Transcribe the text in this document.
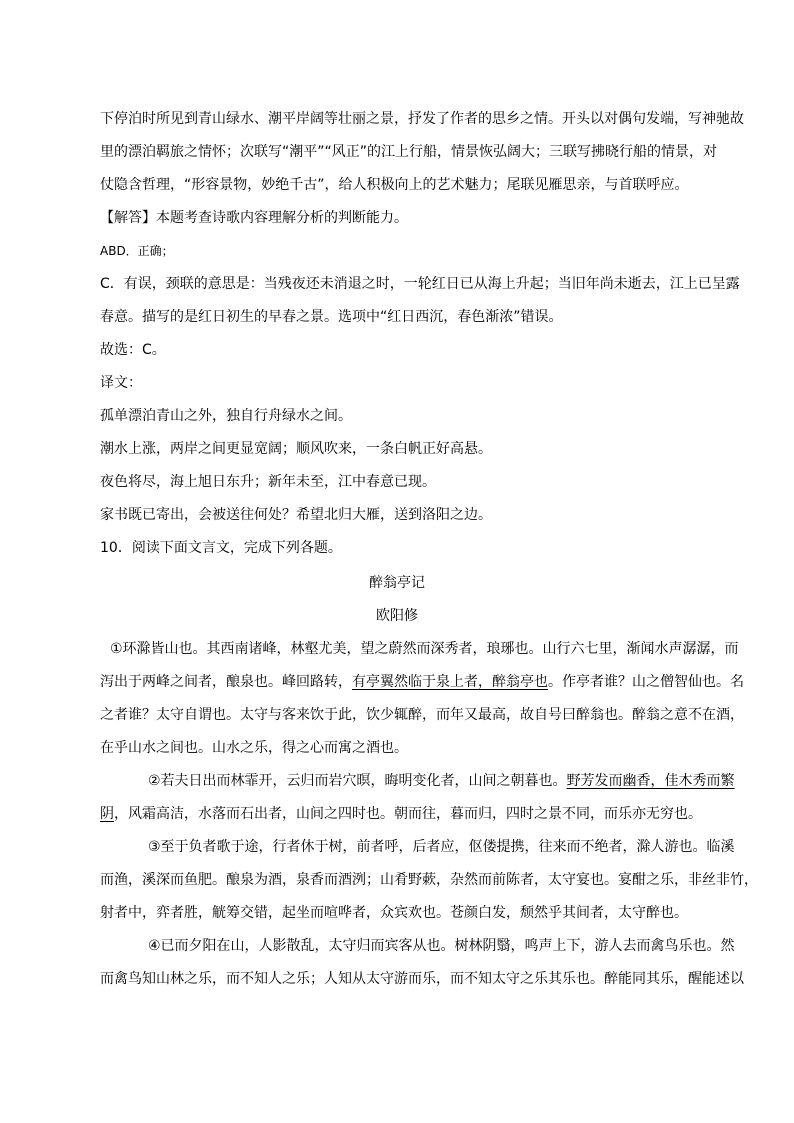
下停泊时所见到青山绿水、潮平岸阔等壮丽之景，抒发了作者的思乡之情。开头以对偶句发端，写神驰故
里的漂泊羁旅之情怀；次联写“潮平”“风正”的江上行船，情景恢弘阔大；三联写拂晓行船的情景，对
仗隐含哲理，“形容景物，妙绝千古”，给人积极向上的艺术魅力；尾联见雁思亲，与首联呼应。
【解答】本题考查诗歌内容理解分析的判断能力。
ABD．正确；
C．有误，颈联的意思是：当残夜还未消退之时，一轮红日已从海上升起；当旧年尚未逝去，江上已呈露
春意。描写的是红日初生的早春之景。选项中“红日西沉，春色渐浓”错误。
故选：C。
译文：
孤单漂泊青山之外，独自行舟绿水之间。
潮水上涨，两岸之间更显宽阔；顺风吹来，一条白帆正好高悬。
夜色将尽，海上旭日东升；新年未至，江中春意已现。
家书既已寄出，会被送往何处？希望北归大雁，送到洛阳之边。
10．阅读下面文言文，完成下列各题。
醉翁亭记
欧阳修
①环滁皆山也。其西南诸峰，林壑尤美，望之蔚然而深秀者，琅琊也。山行六七里，渐闻水声潺潺，而
泻出于两峰之间者，酿泉也。峰回路转，有亭翼然临于泉上者，醉翁亭也。作亭者谁？山之僧智仙也。名
之者谁？太守自谓也。太守与客来饮于此，饮少辄醉，而年又最高，故自号曰醉翁也。醉翁之意不在酒，
在乎山水之间也。山水之乐，得之心而寓之酒也。
②若夫日出而林霏开，云归而岩穴暝，晦明变化者，山间之朝暮也。野芳发而幽香，佳木秀而繁
阴，风霜高洁，水落而石出者，山间之四时也。朝而往，暮而归，四时之景不同，而乐亦无穷也。
③至于负者歌于途，行者休于树，前者呼，后者应，伛偻提携，往来而不绝者，滁人游也。临溪
而渔，溪深而鱼肥。酿泉为酒，泉香而酒洌；山肴野蔌，杂然而前陈者，太守宴也。宴酣之乐，非丝非竹，
射者中，弈者胜，觥筹交错，起坐而喧哗者，众宾欢也。苍颜白发，颓然乎其间者，太守醉也。
④已而夕阳在山，人影散乱，太守归而宾客从也。树林阴翳，鸣声上下，游人去而禽鸟乐也。然
而禽鸟知山林之乐，而不知人之乐；人知从太守游而乐，而不知太守之乐其乐也。醉能同其乐，醒能述以
